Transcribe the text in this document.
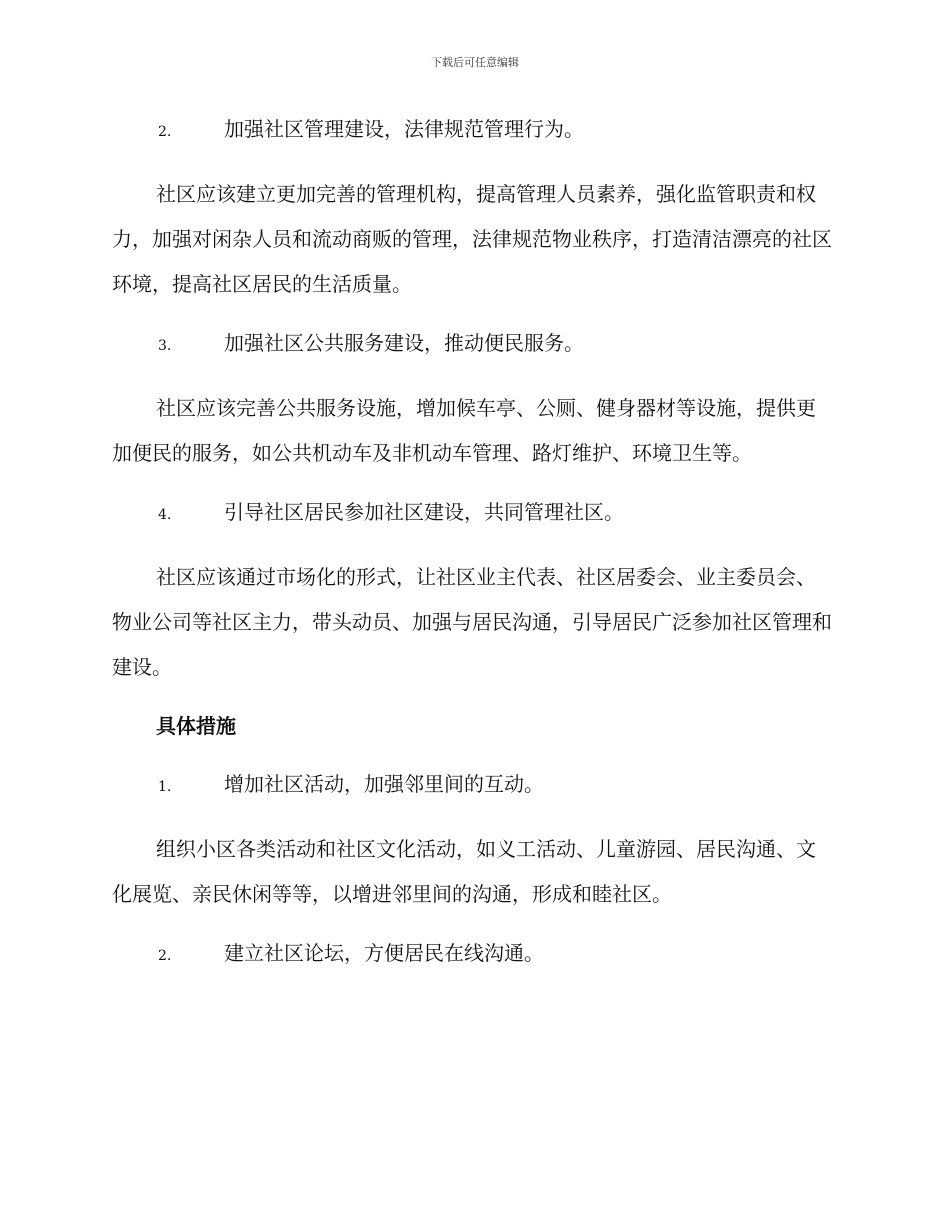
下载后可任意编辑
2.	加强社区管理建设，法律规范管理行为。

社区应该建立更加完善的管理机构，提高管理人员素养，强化监管职责和权力，加强对闲杂人员和流动商贩的管理，法律规范物业秩序，打造清洁漂亮的社区环境，提高社区居民的生活质量。

3.	加强社区公共服务建设，推动便民服务。

社区应该完善公共服务设施，增加候车亭、公厕、健身器材等设施，提供更加便民的服务，如公共机动车及非机动车管理、路灯维护、环境卫生等。

4.	引导社区居民参加社区建设，共同管理社区。

社区应该通过市场化的形式，让社区业主代表、社区居委会、业主委员会、物业公司等社区主力，带头动员、加强与居民沟通，引导居民广泛参加社区管理和建设。

具体措施
1.	增加社区活动，加强邻里间的互动。

组织小区各类活动和社区文化活动，如义工活动、儿童游园、居民沟通、文化展览、亲民休闲等等，以增进邻里间的沟通，形成和睦社区。

2.	建立社区论坛，方便居民在线沟通。
